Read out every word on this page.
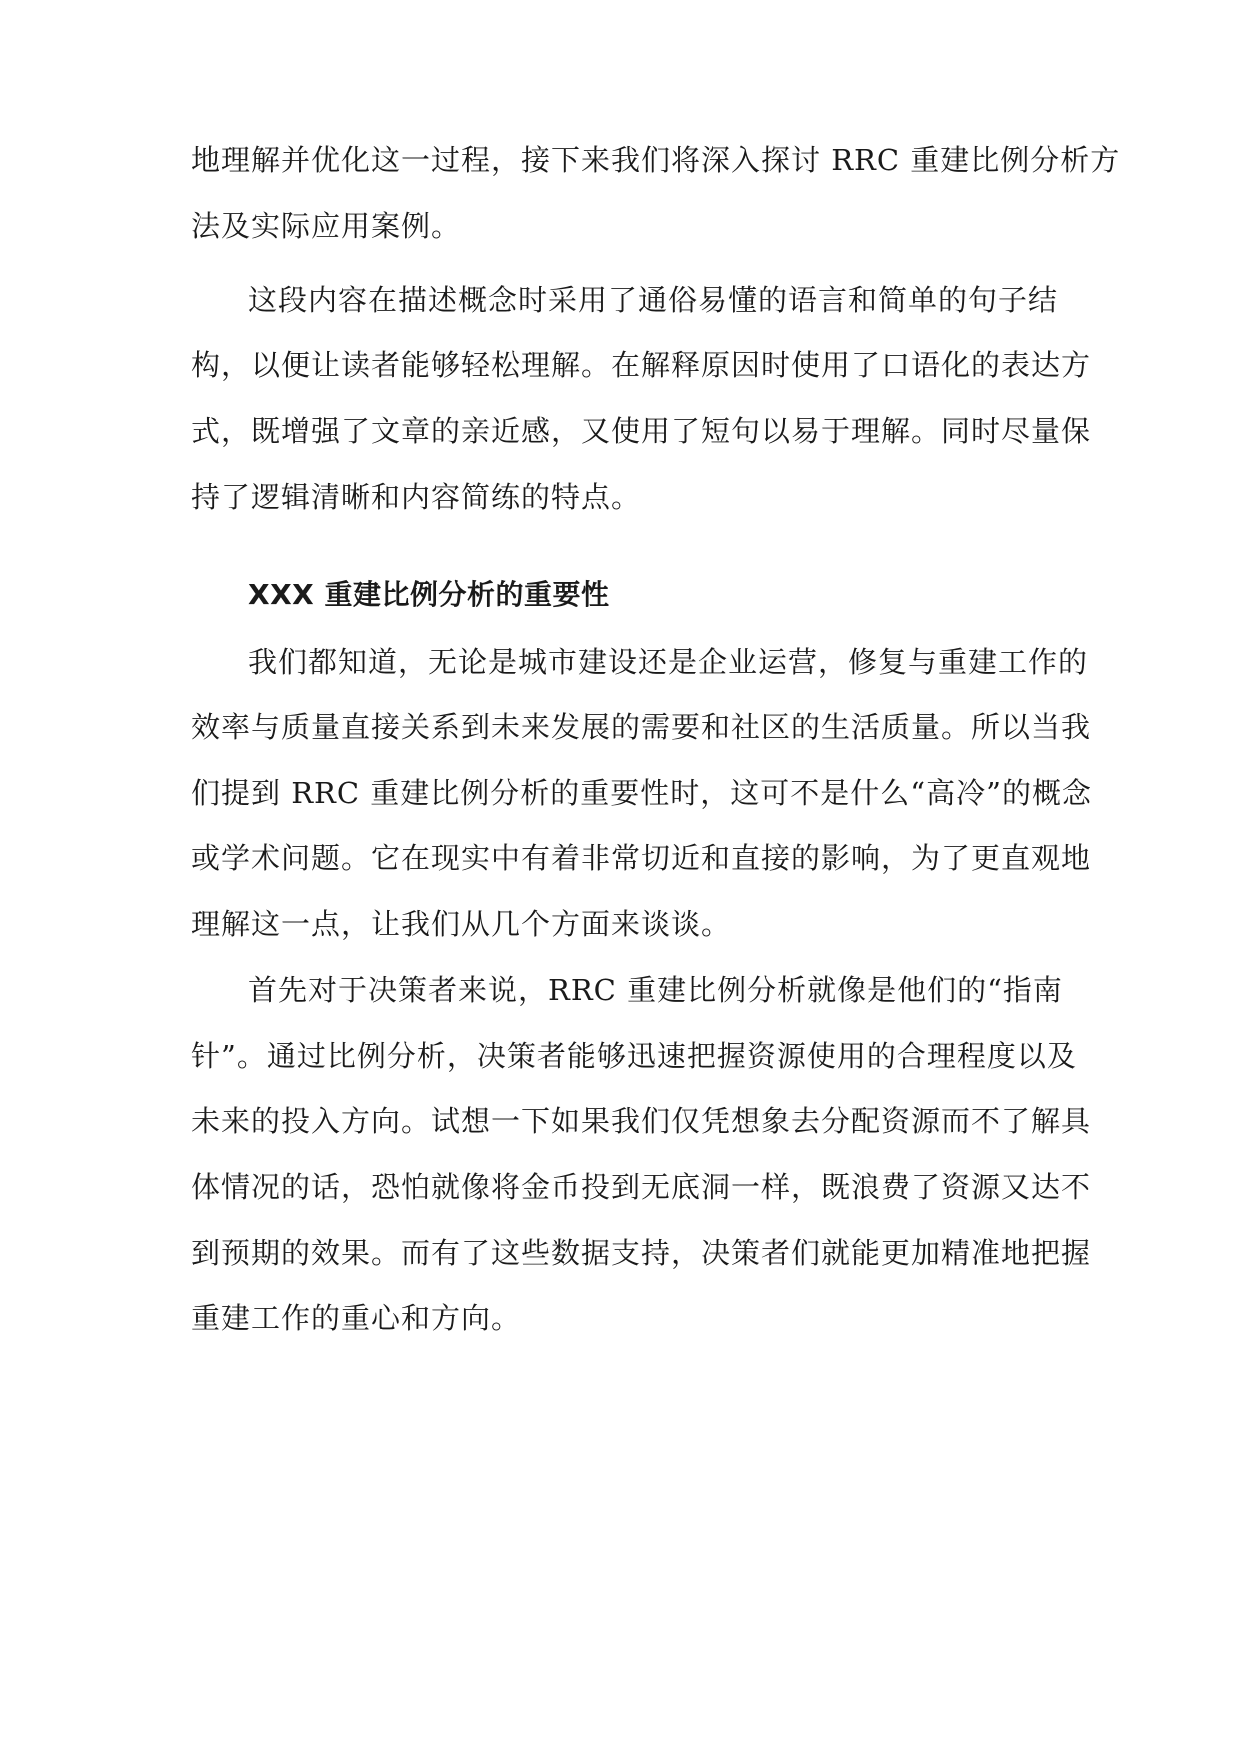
地理解并优化这一过程，接下来我们将深入探讨 RRC 重建比例分析方
法及实际应用案例。
这段内容在描述概念时采用了通俗易懂的语言和简单的句子结
构，以便让读者能够轻松理解。在解释原因时使用了口语化的表达方
式，既增强了文章的亲近感，又使用了短句以易于理解。同时尽量保
持了逻辑清晰和内容简练的特点。
XXX 重建比例分析的重要性
我们都知道，无论是城市建设还是企业运营，修复与重建工作的
效率与质量直接关系到未来发展的需要和社区的生活质量。所以当我
们提到 RRC 重建比例分析的重要性时，这可不是什么“高冷”的概念
或学术问题。它在现实中有着非常切近和直接的影响，为了更直观地
理解这一点，让我们从几个方面来谈谈。
首先对于决策者来说，RRC 重建比例分析就像是他们的“指南
针”。通过比例分析，决策者能够迅速把握资源使用的合理程度以及
未来的投入方向。试想一下如果我们仅凭想象去分配资源而不了解具
体情况的话，恐怕就像将金币投到无底洞一样，既浪费了资源又达不
到预期的效果。而有了这些数据支持，决策者们就能更加精准地把握
重建工作的重心和方向。
